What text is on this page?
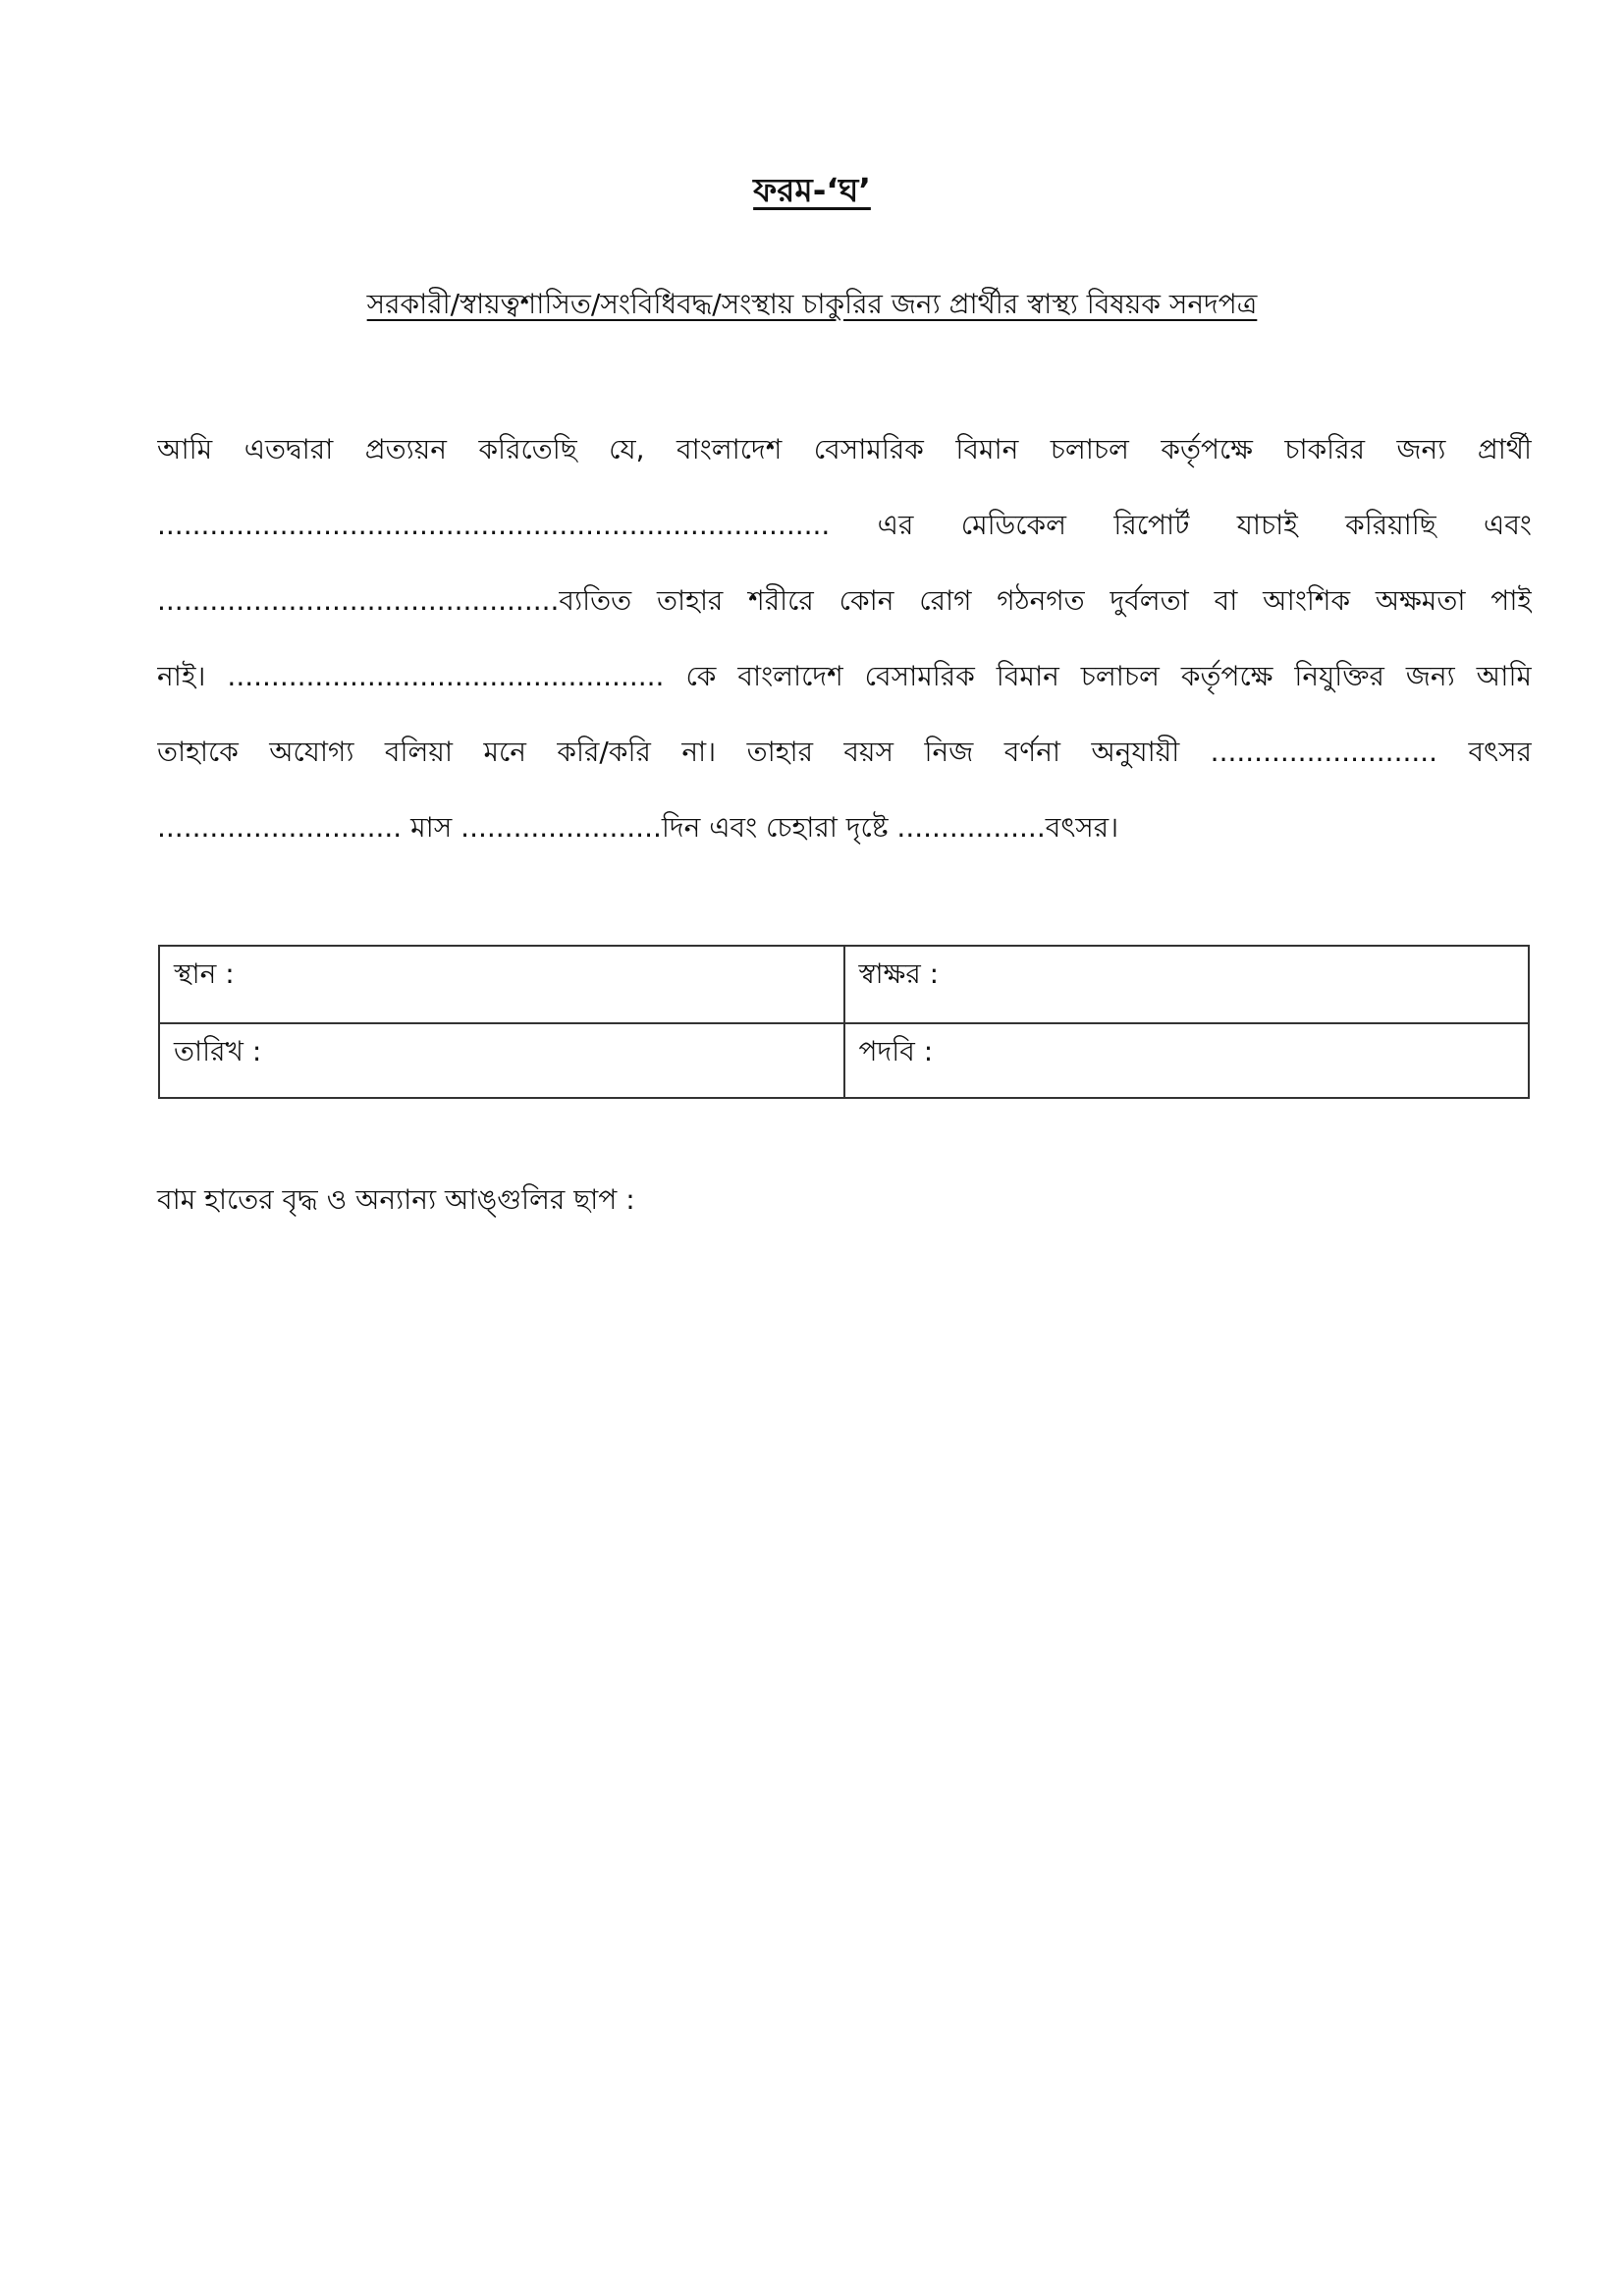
ফরম-‘ঘ’
সরকারী/স্বায়ত্বশাসিত/সংবিধিবদ্ধ/সংস্থায় চাকুরির জন্য প্রার্থীর স্বাস্থ্য বিষয়ক সনদপত্র
আমি এতদ্বারা প্রত্যয়ন করিতেছি যে, বাংলাদেশ বেসামরিক বিমান চলাচল কর্তৃপক্ষে চাকরির জন্য প্রার্থী
............................................................................. এর মেডিকেল রিপোর্ট যাচাই করিয়াছি এবং
..............................................ব্যতিত তাহার শরীরে কোন রোগ গঠনগত দুর্বলতা বা আংশিক অক্ষমতা পাই
নাই। .................................................. কে বাংলাদেশ বেসামরিক বিমান চলাচল কর্তৃপক্ষে নিযুক্তির জন্য আমি
তাহাকে অযোগ্য বলিয়া মনে করি/করি না। তাহার বয়স নিজ বর্ণনা অনুযায়ী .......................... বৎসর
............................ মাস .......................দিন এবং চেহারা দৃষ্টে .................বৎসর।
স্থান :	স্বাক্ষর :
তারিখ :	পদবি :
বাম হাতের বৃদ্ধ ও অন্যান্য আঙ্গুলির ছাপ :
